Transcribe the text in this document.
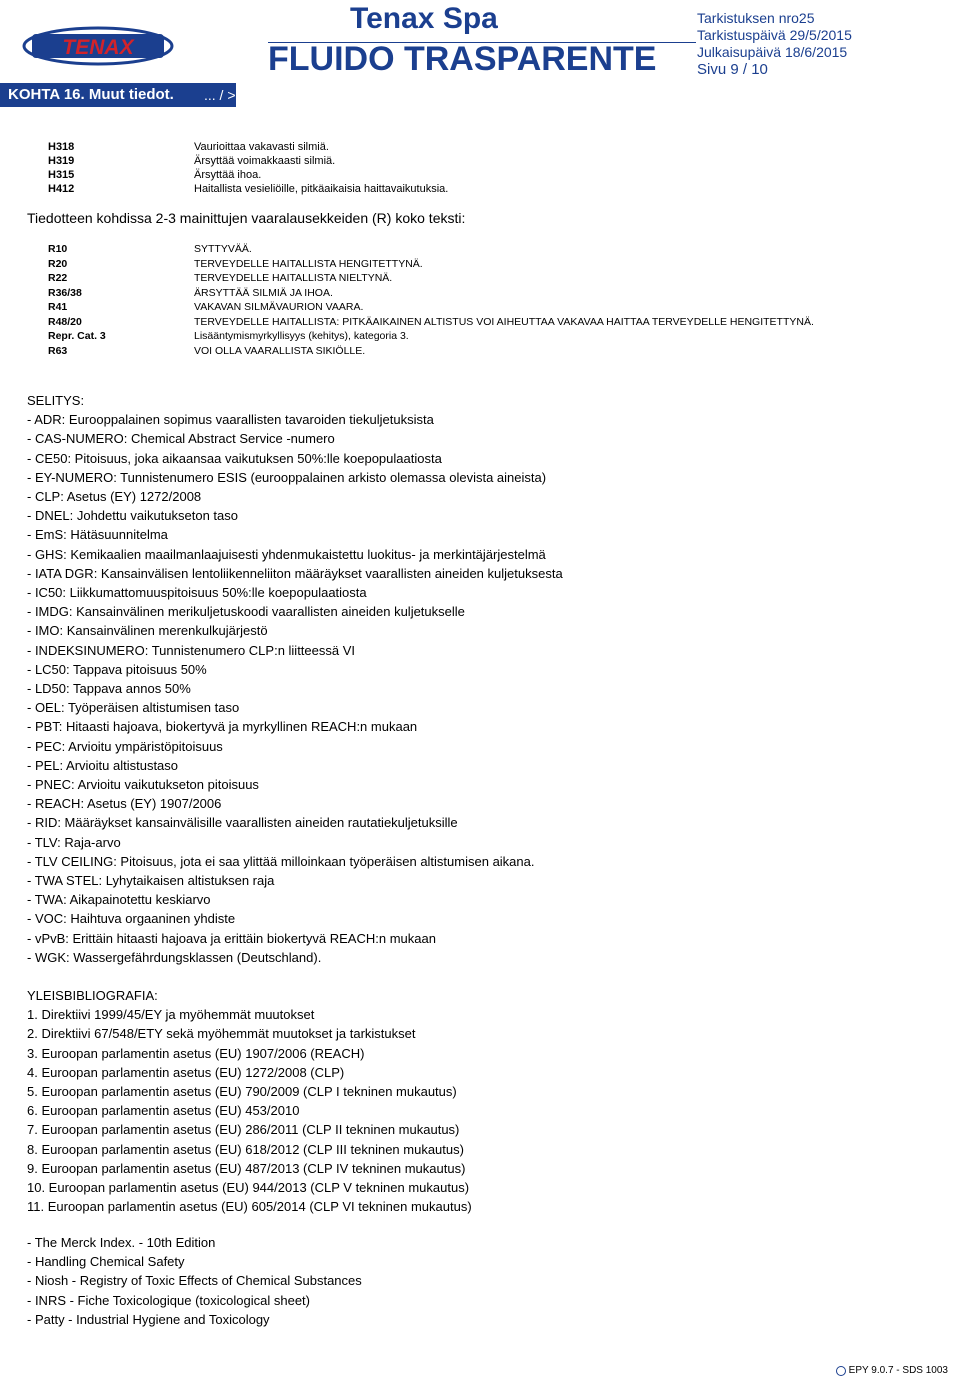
TENAX
Tenax Spa
FLUIDO TRASPARENTE
Tarkistuksen nro25
Tarkistuspäivä 29/5/2015
Julkaisupäivä 18/6/2015
Sivu 9 / 10
KOHTA 16. Muut tiedot. ... / >>
H318	Vaurioittaa vakavasti silmiä.
H319	Ärsyttää voimakkaasti silmiä.
H315	Ärsyttää ihoa.
H412	Haitallista vesieliöille, pitkäaikaisia haittavaikutuksia.
Tiedotteen kohdissa 2-3 mainittujen vaaralausekkeiden (R) koko teksti:
R10	SYTTYVÄÄ.
R20	TERVEYDELLE HAITALLISTA HENGITETTYNÄ.
R22	TERVEYDELLE HAITALLISTA NIELTYNÄ.
R36/38	ÄRSYTTÄÄ SILMIÄ JA IHOA.
R41	VAKAVAN SILMÄVAURION VAARA.
R48/20	TERVEYDELLE HAITALLISTA: PITKÄAIKAINEN ALTISTUS VOI AIHEUTTAA VAKAVAA HAITTAA TERVEYDELLE HENGITETTYNÄ.
Repr. Cat. 3	Lisääntymismyrkyllisyys (kehitys), kategoria 3.
R63	VOI OLLA VAARALLISTA SIKIÖLLE.
SELITYS:
- ADR: Eurooppalainen sopimus vaarallisten tavaroiden tiekuljetuksista
- CAS-NUMERO: Chemical Abstract Service -numero
- CE50: Pitoisuus, joka aikaansaa vaikutuksen 50%:lle koepopulaatiosta
- EY-NUMERO: Tunnistenumero ESIS (eurooppalainen arkisto olemassa olevista aineista)
- CLP: Asetus (EY) 1272/2008
- DNEL: Johdettu vaikutukseton taso
- EmS: Hätäsuunnitelma
- GHS: Kemikaalien maailmanlaajuisesti yhdenmukaistettu luokitus- ja merkintäjärjestelmä
- IATA DGR: Kansainvälisen lentoliikenneliiton määräykset vaarallisten aineiden kuljetuksesta
- IC50: Liikkumattomuuspitoisuus 50%:lle koepopulaatiosta
- IMDG: Kansainvälinen merikuljetuskoodi vaarallisten aineiden kuljetukselle
- IMO: Kansainvälinen merenkulkujärjestö
- INDEKSINUMERO: Tunnistenumero CLP:n liitteessä VI
- LC50: Tappava pitoisuus 50%
- LD50: Tappava annos 50%
- OEL: Työperäisen altistumisen taso
- PBT: Hitaasti hajoava, biokertyvä ja myrkyllinen REACH:n mukaan
- PEC: Arvioitu ympäristöpitoisuus
- PEL: Arvioitu altistustaso
- PNEC: Arvioitu vaikutukseton pitoisuus
- REACH: Asetus (EY) 1907/2006
- RID: Määräykset kansainvälisille vaarallisten aineiden rautatiekuljetuksille
- TLV: Raja-arvo
- TLV CEILING: Pitoisuus, jota ei saa ylittää milloinkaan työperäisen altistumisen aikana.
- TWA STEL: Lyhytaikaisen altistuksen raja
- TWA: Aikapainotettu keskiarvo
- VOC: Haihtuva orgaaninen yhdiste
- vPvB: Erittäin hitaasti hajoava ja erittäin biokertyvä REACH:n mukaan
- WGK: Wassergefährdungsklassen (Deutschland).
YLEISBIBLIOGRAFIA:
1. Direktiivi 1999/45/EY ja myöhemmät muutokset
2. Direktiivi 67/548/ETY sekä myöhemmät muutokset ja tarkistukset
3. Euroopan parlamentin asetus (EU) 1907/2006 (REACH)
4. Euroopan parlamentin asetus (EU) 1272/2008 (CLP)
5. Euroopan parlamentin asetus (EU) 790/2009 (CLP I tekninen mukautus)
6. Euroopan parlamentin asetus (EU) 453/2010
7. Euroopan parlamentin asetus (EU) 286/2011 (CLP II tekninen mukautus)
8. Euroopan parlamentin asetus (EU) 618/2012 (CLP III tekninen mukautus)
9. Euroopan parlamentin asetus (EU) 487/2013 (CLP IV tekninen mukautus)
10. Euroopan parlamentin asetus (EU) 944/2013 (CLP V tekninen mukautus)
11. Euroopan parlamentin asetus (EU) 605/2014 (CLP VI tekninen mukautus)
- The Merck Index. - 10th Edition
- Handling Chemical Safety
- Niosh - Registry of Toxic Effects of Chemical Substances
- INRS - Fiche Toxicologique (toxicological sheet)
- Patty - Industrial Hygiene and Toxicology
EPY 9.0.7 - SDS 1003
